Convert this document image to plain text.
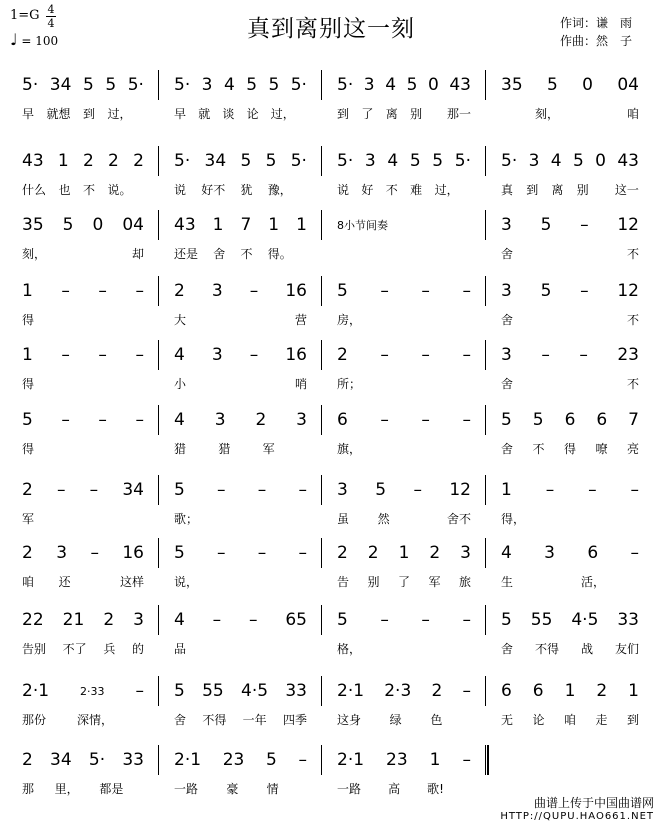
1=G 4
4
♩ = 100	真到离别这一刻	作词：谦　雨
作曲：然　子
5· 34 5 5 5·
早 就想 到 过，
5· 3 4 5 5 5·
早 就 谈 论 过，
5· 3 4 5 0 43
到 了 离 别 那一
35 5 0 04
刻，	咱
43 1 2 2 2
什么 也 不 说。
5· 34 5 5 5·
说 好不 犹 豫，
5· 3 4 5 5 5·
说 好 不 难 过，
5· 3 4 5 0 43
真 到 离 别 这一
35 5 0 04
刻，	却
43 1 7 1 1
还是 舍 不 得。
8小节间奏	3 5 – 12
舍	不
1 – – –
得
2 3 – 16
大	营
5 – – –
房，
3 5 – 12
舍	不
1 – – –
得
4 3 – 16
小	哨
2 – – –
所；
3 – – 23
舍	不
5 – – –
得
4 3 2 3
猎	猎	军
6 – – –
旗，
5 5 6 6 7
舍 不 得 嘹 亮
2 – – 34
军
5 – – –
歌；
3 5 – 12
虽 然	舍不
1 – – –
得，
2 3 – 16
咱 还	这样
5 – – –
说，
2 2 1 2 3
告 别 了 军 旅
4 3 6 –
生	活，
22 21 2 3
告别 不了 兵 的
4 – – 65
品
5 – – –
格，
5 55 4·5 33
舍 不得 战 友们
2·1	2·33 –
那份	深情，
5 55 4·5 33
舍 不得 一年 四季
2·1 2·3 2 –
这身 绿 色
6 6 1 2 1
无 论 咱 走 到
2 34 5· 33
那 里， 都是
2·1 23 5 –
一路 豪 情
2·1 23 1 –
一路 高 歌!
曲谱上传于中国曲谱网
HTTP://QUPU.HAO661.NET
